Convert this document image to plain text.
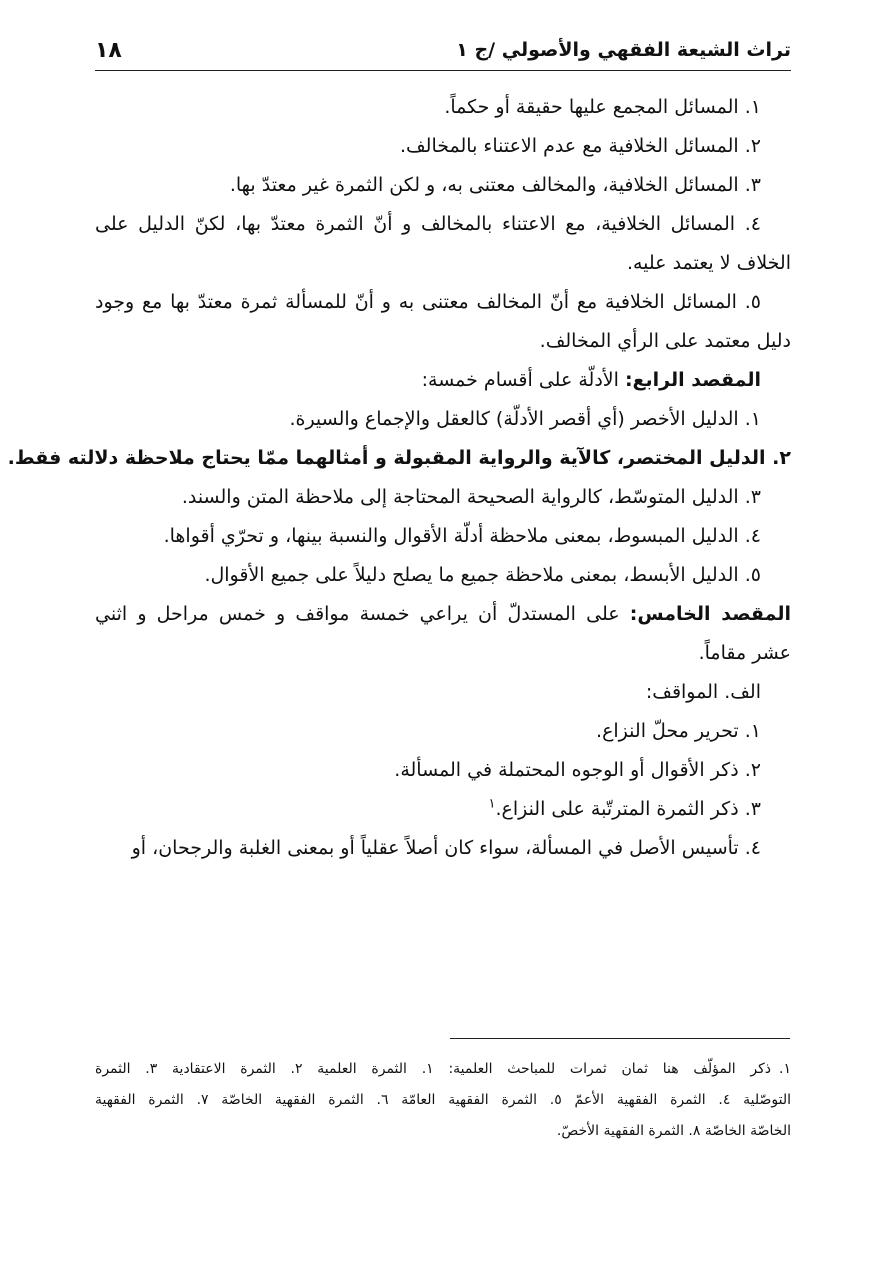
تراث الشيعة الفقهي والأصولي /ج ١
١٨
١. المسائل المجمع عليها حقيقة أو حكماً.
٢. المسائل الخلافية مع عدم الاعتناء بالمخالف.
٣. المسائل الخلافية، والمخالف معتنى به، و لكن الثمرة غير معتدّ بها.
٤. المسائل الخلافية، مع الاعتناء بالمخالف و أنّ الثمرة معتدّ بها، لكنّ الدليل على
الخلاف لا يعتمد عليه.
٥. المسائل الخلافية مع أنّ المخالف معتنى به و أنّ للمسألة ثمرة معتدّ بها مع وجود
دليل معتمد على الرأي المخالف.
المقصد الرابع: الأدلّة على أقسام خمسة:
١. الدليل الأخصر (أي أقصر الأدلّة) كالعقل والإجماع والسيرة.
٢. الدليل المختصر، كالآية والرواية المقبولة و أمثالهما ممّا يحتاج ملاحظة دلالته فقط.
٣. الدليل المتوسّط، كالرواية الصحيحة المحتاجة إلى ملاحظة المتن والسند.
٤. الدليل المبسوط، بمعنى ملاحظة أدلّة الأقوال والنسبة بينها، و تحرّي أقواها.
٥. الدليل الأبسط، بمعنى ملاحظة جميع ما يصلح دليلاً على جميع الأقوال.
المقصد الخامس: على المستدلّ أن يراعي خمسة مواقف و خمس مراحل و اثني
عشر مقاماً.
الف. المواقف:
١. تحرير محلّ النزاع.
٢. ذكر الأقوال أو الوجوه المحتملة في المسألة.
٣. ذكر الثمرة المترتّبة على النزاع.$^١$
٤. تأسيس الأصل في المسألة، سواء كان أصلاً عقلياً أو بمعنى الغلبة والرجحان، أو
١.ذكر المؤلّف هنا ثمان ثمرات للمباحث العلمية: ١. الثمرة العلمية ٢. الثمرة الاعتقادية ٣. الثمرة
التوصّلية ٤. الثمرة الفقهية الأعمّ ٥. الثمرة الفقهية العامّة ٦. الثمرة الفقهية الخاصّة ٧. الثمرة الفقهية
الخاصّة الخاصّة ٨. الثمرة الفقهية الأخصّ.
